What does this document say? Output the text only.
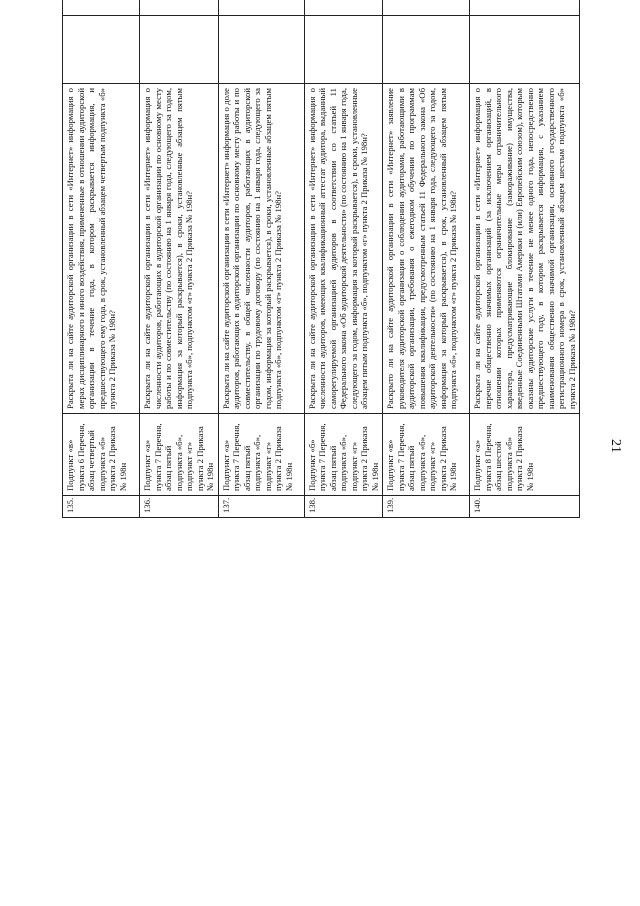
21
135.	Подпункт «в» пункта 6 Перечня, абзац четвертый подпункта «б» пункта 2 Приказа № 198н	Раскрыта ли на сайте аудиторской организации в сети «Интернет» информация о мерах дисциплинарного и иного воздействия, примененные в отношении аудиторской организации в течение года, в котором раскрывается информация, и предшествующего ему года, в срок, установленный абзацем четвертым подпункта «б» пункта 2 Приказа № 198н?					
136.	Подпункт «а» пункта 7 Перечня, абзац пятый подпункта «б», подпункт «г» пункта 2 Приказа № 198н	Раскрыта ли на сайте аудиторской организации в сети «Интернет» информация о численности аудиторов, работающих в аудиторской организации по основному месту работы и по совместительству (по состоянию на 1 января года, следующего за годом, информация за который раскрывается), в сроки, установленные абзацем пятым подпункта «б», подпунктом «г» пункта 2 Приказа № 198н?					
137.	Подпункт «а» пункта 7 Перечня, абзац пятый подпункта «б», подпункт «г» пункта 2 Приказа № 198н	Раскрыта ли на сайте аудиторской организации в сети «Интернет» информация о доле аудиторов, работающих в аудиторской организации по основному месту работы и по совместительству, в общей численности аудиторов, работающих в аудиторской организации по трудовому договору (по состоянию на 1 января года, следующего за годом, информация за который раскрывается), в сроки, установленные абзацем пятым подпункта «б», подпунктом «г» пункта 2 Приказа № 198н?					
138.	Подпункт «б» пункта 7 Перечня, абзац пятый подпункта «б», подпункт «г» пункта 2 Приказа № 198н	Раскрыта ли на сайте аудиторской организации в сети «Интернет» информация о численности аудиторов, имеющих квалификационный аттестат аудитора, выданный саморегулируемой организацией аудиторов в соответствии со статьей 11 Федерального закона «Об аудиторской деятельности» (по состоянию на 1 января года, следующего за годом, информация за который раскрывается), в сроки, установленные абзацем пятым подпункта «б», подпунктом «г» пункта 2 Приказа № 198н?					
139.	Подпункт «в» пункта 7 Перечня, абзац пятый подпункта «б», подпункт «г» пункта 2 Приказа № 198н	Раскрыто ли на сайте аудиторской организации в сети «Интернет» заявление руководителя аудиторской организации о соблюдении аудиторами, работающими в аудиторской организации, требования о ежегодном обучении по программам повышения квалификации, предусмотренным статьей 11 Федерального закона «Об аудиторской деятельности» (по состоянию на 1 января года, следующего за годом, информация за который раскрывается), в срок, установленный абзацем пятым подпункта «б», подпунктом «г» пункта 2 Приказа № 198н?					
140.	Подпункт «а» пункта 8 Перечня, абзац шестой подпункта «б» пункта 2 Приказа № 198н	Раскрыта ли на сайте аудиторской организации в сети «Интернет» информация о перечне общественно значимых организаций (за исключением организаций, в отношении которых применяются ограничительные меры ограничительного характера, предусматривающие блокирование (замораживание) имущества, введенные Соединенными Штатами Америки и (или) Европейским союзом), которым оказаны аудиторские услуги в течение не менее одного года, непосредственно предшествующего году, в котором раскрывается информация, с указанием наименования общественно значимой организации, основного государственного регистрационного номера в срок, установленный абзацем шестым подпункта «б» пункта 2 Приказа № 198н?					
